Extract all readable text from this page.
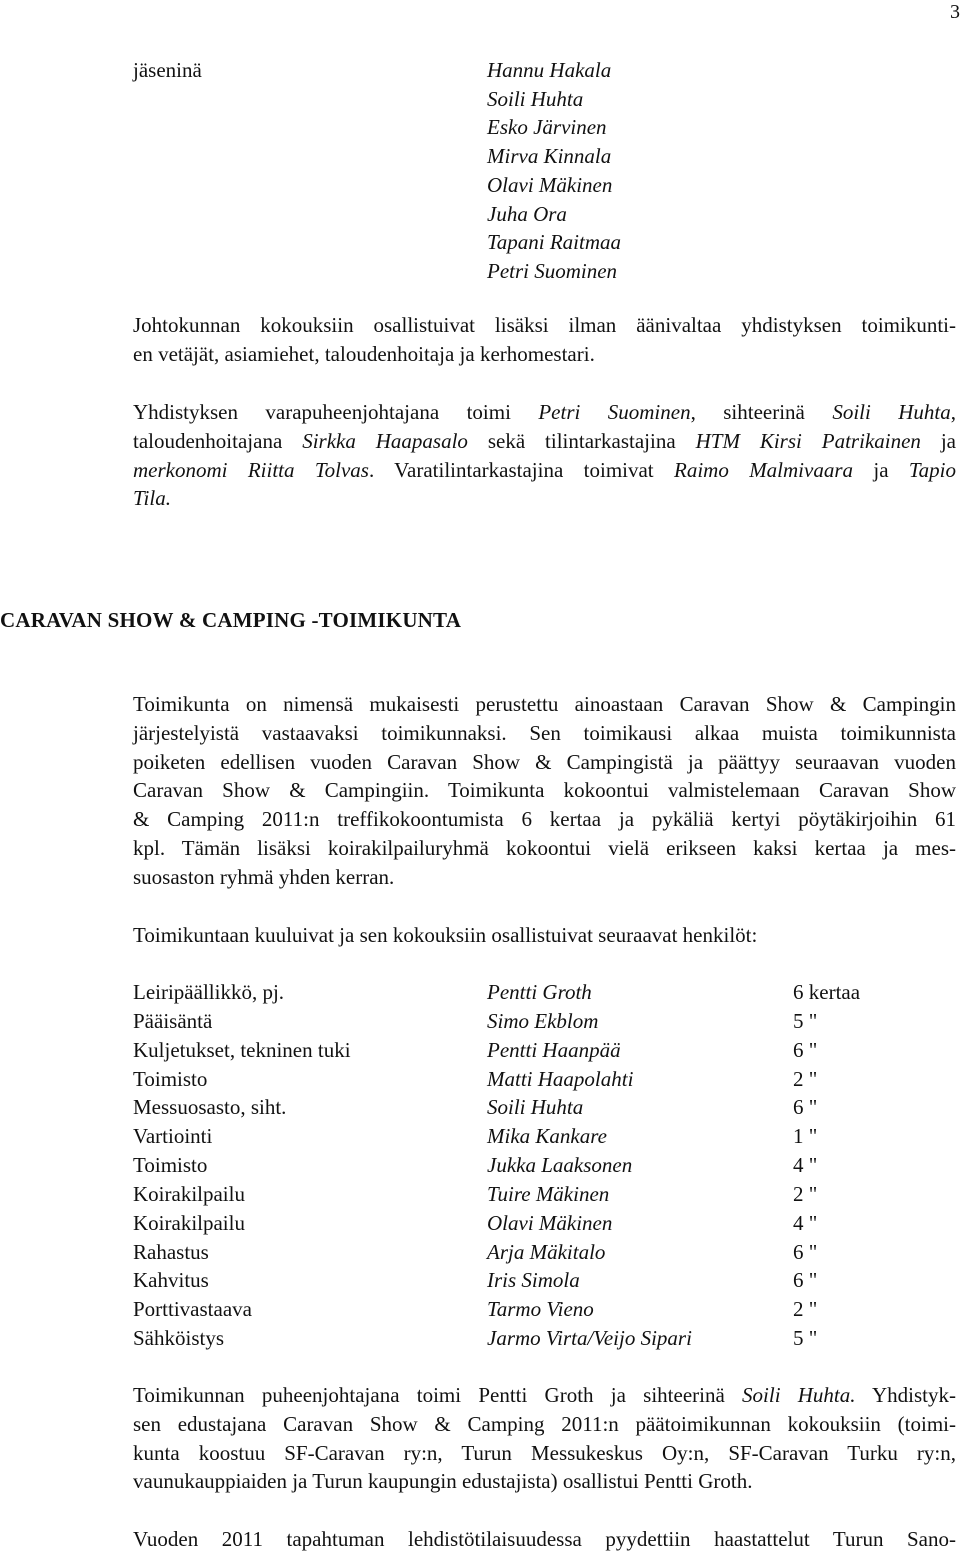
3
jäseninä	Hannu Hakala
Soili Huhta
Esko Järvinen
Mirva Kinnala
Olavi Mäkinen
Juha Ora
Tapani Raitmaa
Petri Suominen
Johtokunnan kokouksiin osallistuivat lisäksi ilman äänivaltaa yhdistyksen toimikunti-
en vetäjät, asiamiehet, taloudenhoitaja ja kerhomestari.
Yhdistyksen varapuheenjohtajana toimi Petri Suominen, sihteerinä Soili Huhta,
taloudenhoitajana Sirkka Haapasalo sekä tilintarkastajina HTM Kirsi Patrikainen ja
merkonomi Riitta Tolvas. Varatilintarkastajina toimivat Raimo Malmivaara ja Tapio
Tila.
CARAVAN SHOW & CAMPING -TOIMIKUNTA
Toimikunta on nimensä mukaisesti perustettu ainoastaan Caravan Show & Campingin
järjestelyistä vastaavaksi toimikunnaksi. Sen toimikausi alkaa muista toimikunnista
poiketen edellisen vuoden Caravan Show & Campingistä ja päättyy seuraavan vuoden
Caravan Show & Campingiin. Toimikunta kokoontui valmistelemaan Caravan Show
& Camping 2011:n treffikokoontumista 6 kertaa ja pykäliä kertyi pöytäkirjoihin 61
kpl. Tämän lisäksi koirakilpailuryhmä kokoontui vielä erikseen kaksi kertaa ja mes-
suosaston ryhmä yhden kerran.
Toimikuntaan kuuluivat ja sen kokouksiin osallistuivat seuraavat henkilöt:
Leiripäällikkö, pj.	Pentti Groth	6 kertaa
Pääisäntä	Simo Ekblom	5 "
Kuljetukset, tekninen tuki	Pentti Haanpää	6 "
Toimisto	Matti Haapolahti	2 "
Messuosasto, siht.	Soili Huhta	6 "
Vartiointi	Mika Kankare	1 "
Toimisto	Jukka Laaksonen	4 "
Koirakilpailu	Tuire Mäkinen	2 "
Koirakilpailu	Olavi Mäkinen	4 "
Rahastus	Arja Mäkitalo	6 "
Kahvitus	Iris Simola	6 "
Porttivastaava	Tarmo Vieno	2 "
Sähköistys	Jarmo Virta/Veijo Sipari	5 "
Toimikunnan puheenjohtajana toimi Pentti Groth ja sihteerinä Soili Huhta. Yhdistyk-
sen edustajana Caravan Show & Camping 2011:n päätoimikunnan kokouksiin (toimi-
kunta koostuu SF-Caravan ry:n, Turun Messukeskus Oy:n, SF-Caravan Turku ry:n,
vaunukauppiaiden ja Turun kaupungin edustajista) osallistui Pentti Groth.
Vuoden 2011 tapahtuman lehdistötilaisuudessa pyydettiin haastattelut Turun Sano-
